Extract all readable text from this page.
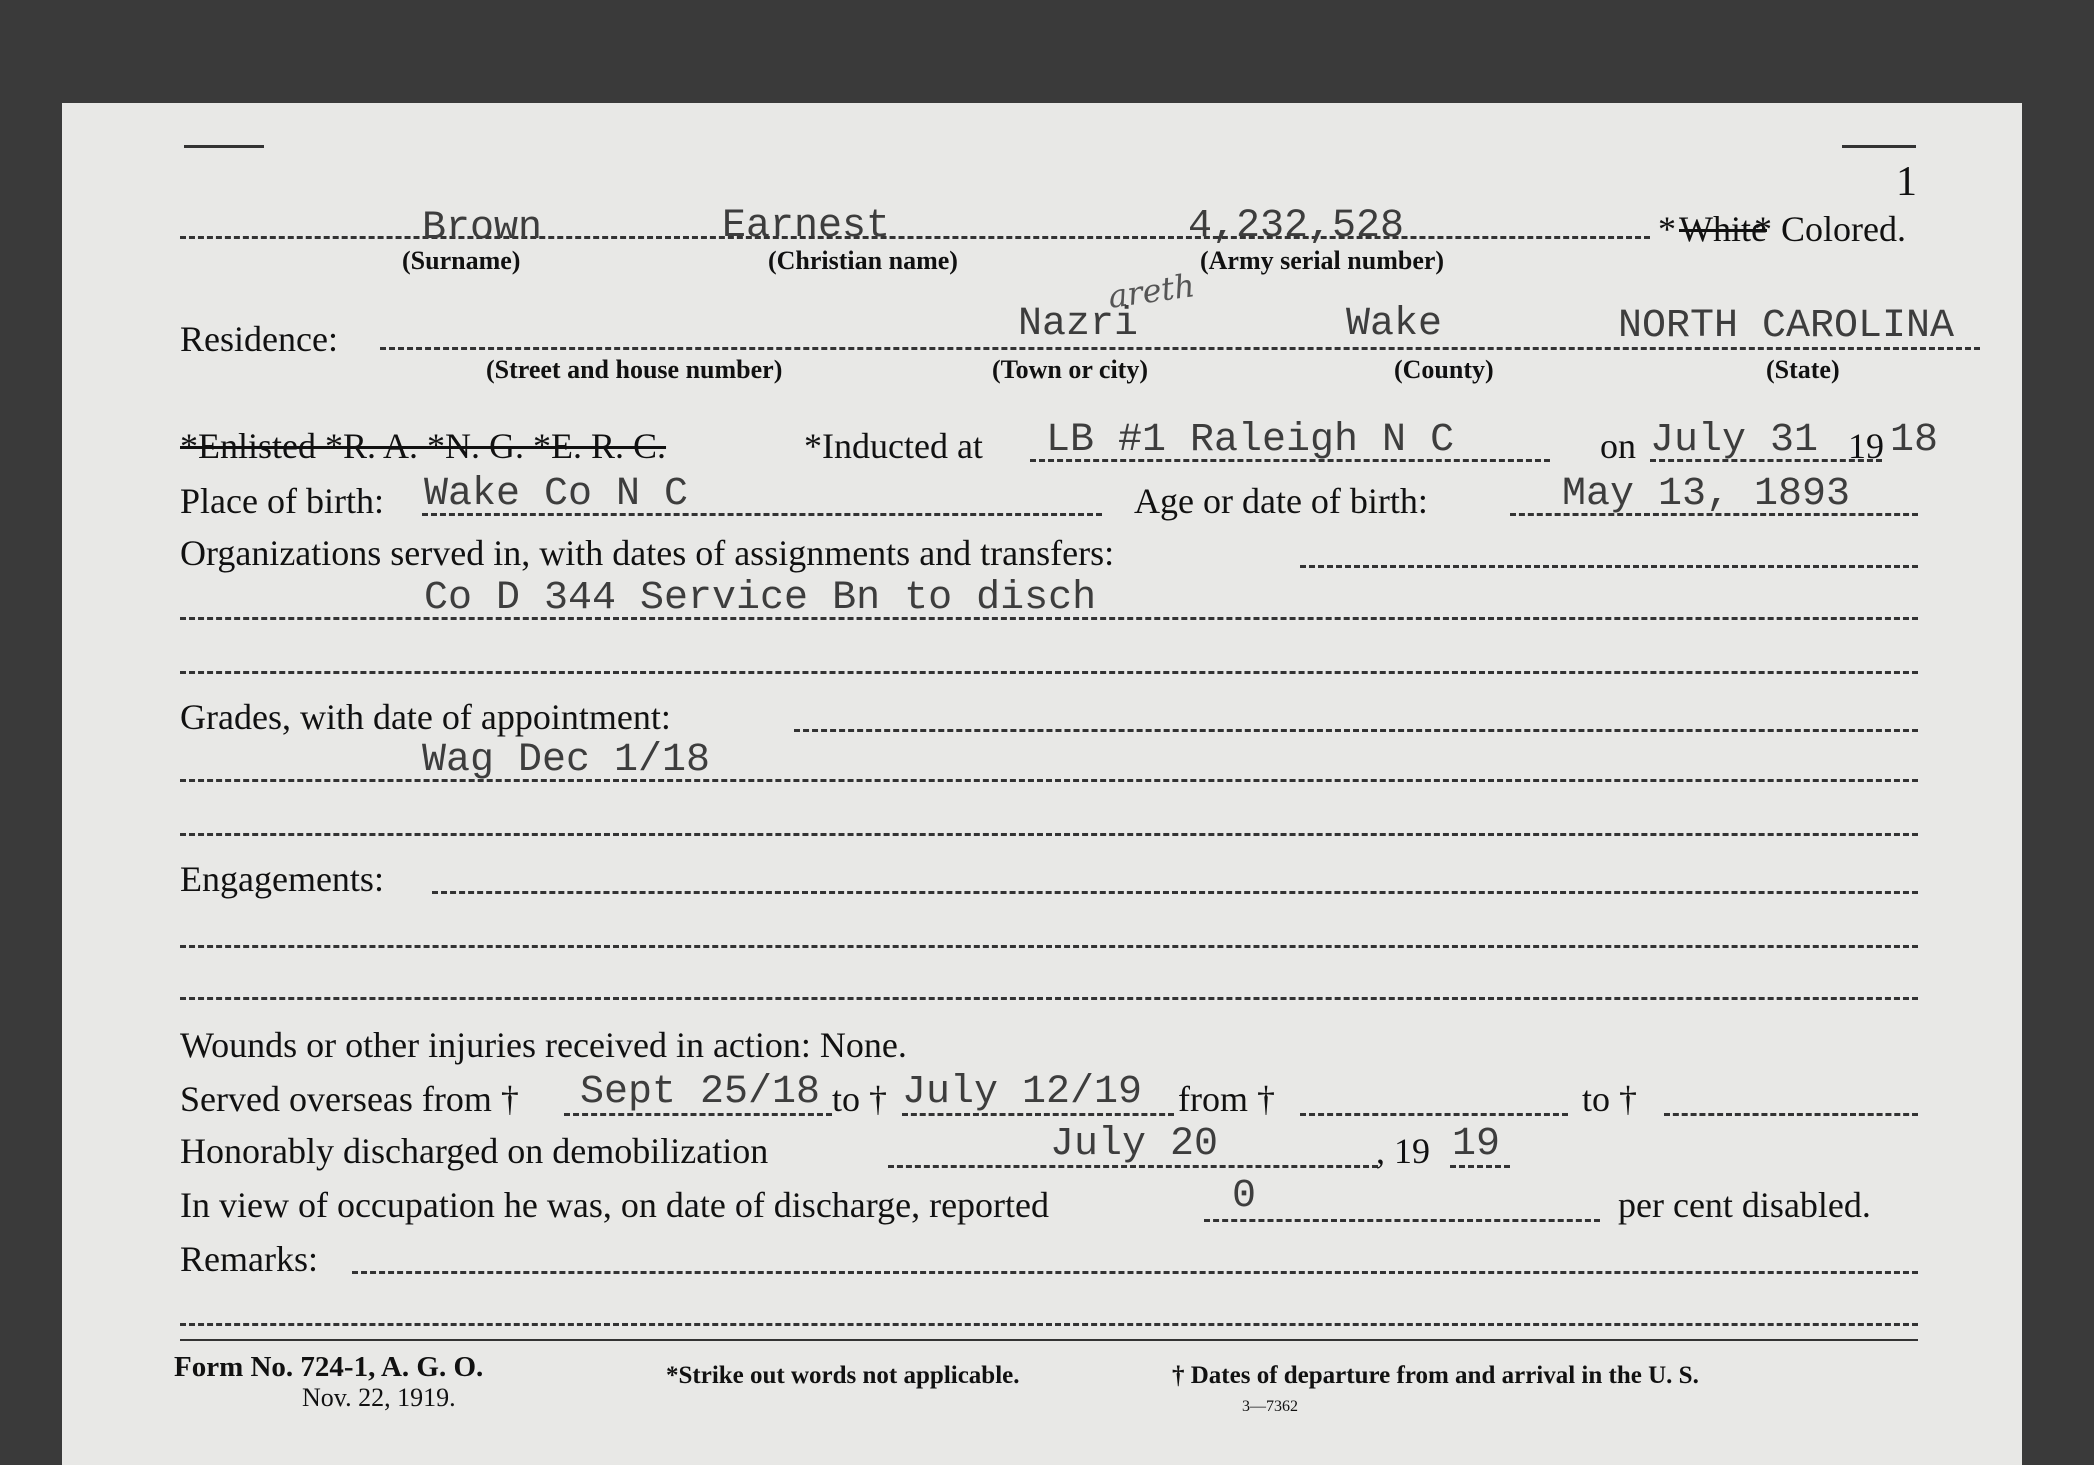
1
Brown	Earnest	4,232,528
(Surname)	(Christian name)	(Army serial number)
* White
* Colored.
Residence:
areth
Nazri	Wake	NORTH CAROLINA
(Street and house number)	(Town or city)	(County)	(State)
*Enlisted *R. A. *N. G. *E. R. C.	*Inducted at LB #1 Raleigh N C	on July 31 19 18
Place of birth: Wake Co N C	Age or date of birth:	May 13, 1893
Organizations served in, with dates of assignments and transfers:
Co D 344 Service Bn to disch
Grades, with date of appointment:
Wag Dec 1/18
Engagements:
Wounds or other injuries received in action: None.
Served overseas from † Sept 25/18 to † July 12/19 from †	to †
Honorably discharged on demobilization	July 20	, 19 19
In view of occupation he was, on date of discharge, reported	0	per cent disabled.
Remarks:
Form No. 724-1, A. G. O.
Nov. 22, 1919.
*Strike out words not applicable.	† Dates of departure from and arrival in the U. S.
3—7362
